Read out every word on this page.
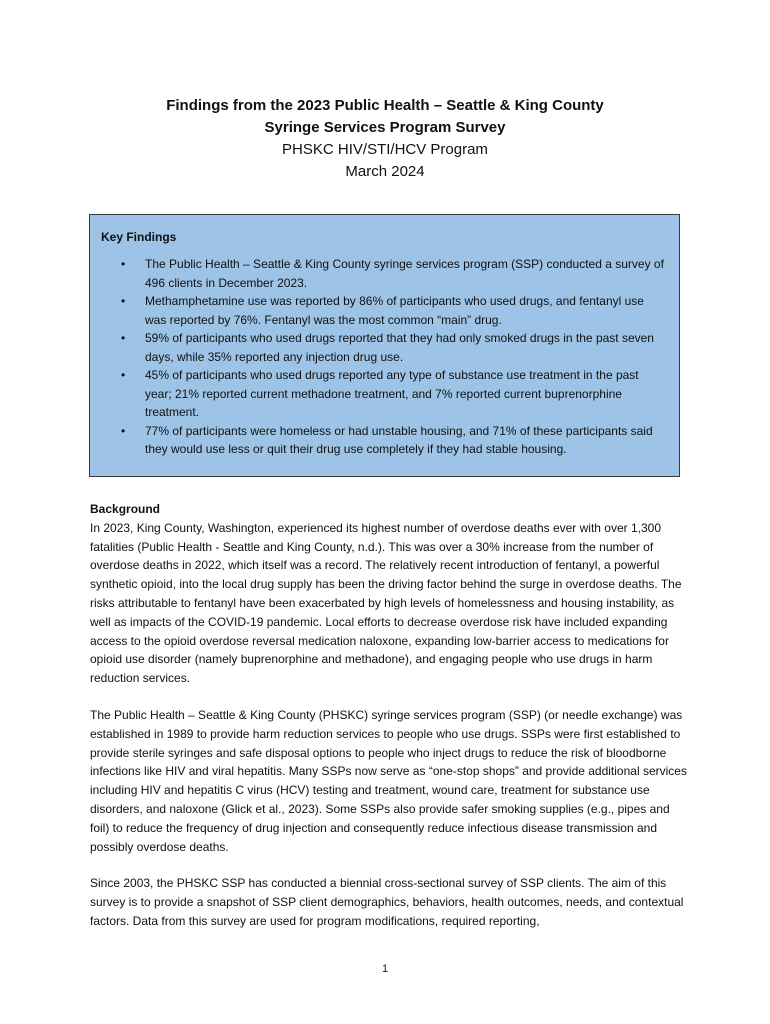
Findings from the 2023 Public Health – Seattle & King County
Syringe Services Program Survey
PHSKC HIV/STI/HCV Program
March 2024
Key Findings
• The Public Health – Seattle & King County syringe services program (SSP) conducted a survey of 496 clients in December 2023.
• Methamphetamine use was reported by 86% of participants who used drugs, and fentanyl use was reported by 76%. Fentanyl was the most common “main” drug.
• 59% of participants who used drugs reported that they had only smoked drugs in the past seven days, while 35% reported any injection drug use.
• 45% of participants who used drugs reported any type of substance use treatment in the past year; 21% reported current methadone treatment, and 7% reported current buprenorphine treatment.
• 77% of participants were homeless or had unstable housing, and 71% of these participants said they would use less or quit their drug use completely if they had stable housing.
Background

In 2023, King County, Washington, experienced its highest number of overdose deaths ever with over 1,300 fatalities (Public Health - Seattle and King County, n.d.). This was over a 30% increase from the number of overdose deaths in 2022, which itself was a record. The relatively recent introduction of fentanyl, a powerful synthetic opioid, into the local drug supply has been the driving factor behind the surge in overdose deaths. The risks attributable to fentanyl have been exacerbated by high levels of homelessness and housing instability, as well as impacts of the COVID-19 pandemic. Local efforts to decrease overdose risk have included expanding access to the opioid overdose reversal medication naloxone, expanding low-barrier access to medications for opioid use disorder (namely buprenorphine and methadone), and engaging people who use drugs in harm reduction services.

The Public Health – Seattle & King County (PHSKC) syringe services program (SSP) (or needle exchange) was established in 1989 to provide harm reduction services to people who use drugs. SSPs were first established to provide sterile syringes and safe disposal options to people who inject drugs to reduce the risk of bloodborne infections like HIV and viral hepatitis. Many SSPs now serve as “one-stop shops” and provide additional services including HIV and hepatitis C virus (HCV) testing and treatment, wound care, treatment for substance use disorders, and naloxone (Glick et al., 2023). Some SSPs also provide safer smoking supplies (e.g., pipes and foil) to reduce the frequency of drug injection and consequently reduce infectious disease transmission and possibly overdose deaths.

Since 2003, the PHSKC SSP has conducted a biennial cross-sectional survey of SSP clients. The aim of this survey is to provide a snapshot of SSP client demographics, behaviors, health outcomes, needs, and contextual factors. Data from this survey are used for program modifications, required reporting,

1
